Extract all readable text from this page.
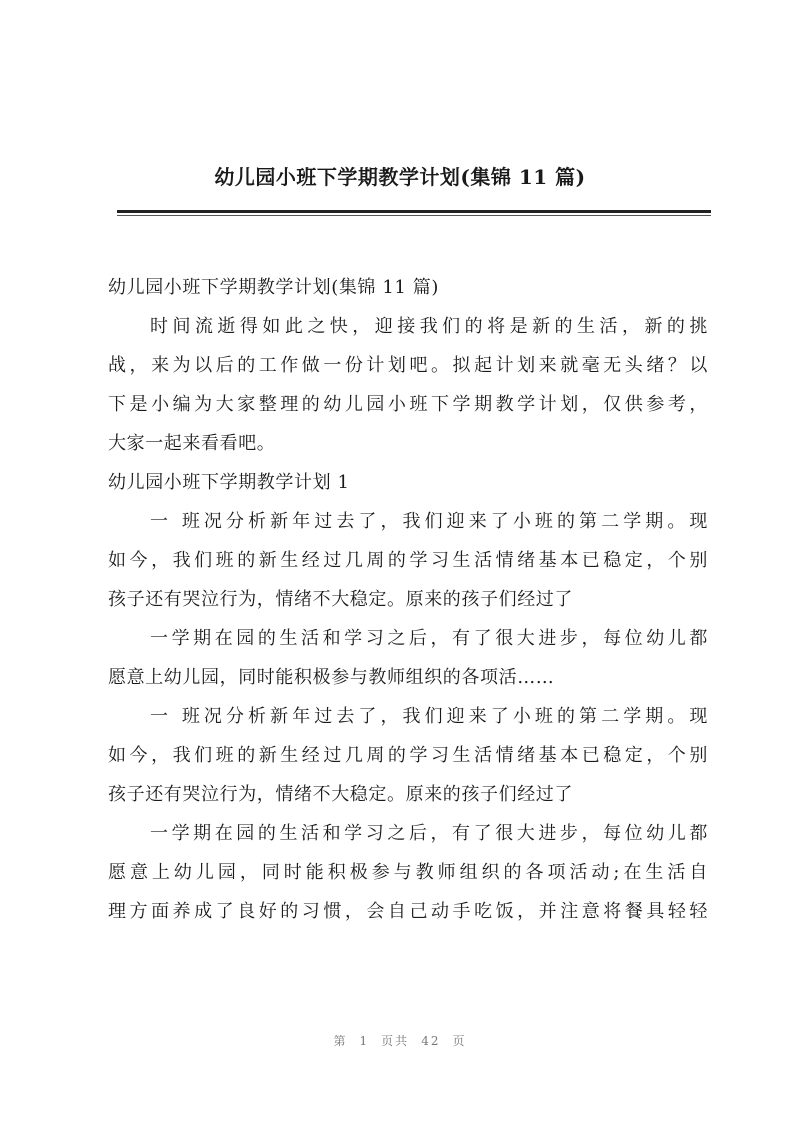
幼儿园小班下学期教学计划(集锦 11 篇)
幼儿园小班下学期教学计划(集锦 11 篇)
时间流逝得如此之快，迎接我们的将是新的生活，新的挑
战，来为以后的工作做一份计划吧。拟起计划来就毫无头绪？以
下是小编为大家整理的幼儿园小班下学期教学计划，仅供参考，
大家一起来看看吧。
幼儿园小班下学期教学计划 1
一 班况分析新年过去了，我们迎来了小班的第二学期。现
如今，我们班的新生经过几周的学习生活情绪基本已稳定，个别
孩子还有哭泣行为，情绪不大稳定。原来的孩子们经过了
一学期在园的生活和学习之后，有了很大进步，每位幼儿都
愿意上幼儿园，同时能积极参与教师组织的各项活……
一 班况分析新年过去了，我们迎来了小班的第二学期。现
如今，我们班的新生经过几周的学习生活情绪基本已稳定，个别
孩子还有哭泣行为，情绪不大稳定。原来的孩子们经过了
一学期在园的生活和学习之后，有了很大进步，每位幼儿都
愿意上幼儿园，同时能积极参与教师组织的各项活动;在生活自
理方面养成了良好的习惯，会自己动手吃饭，并注意将餐具轻轻
第 1 页共 42 页
